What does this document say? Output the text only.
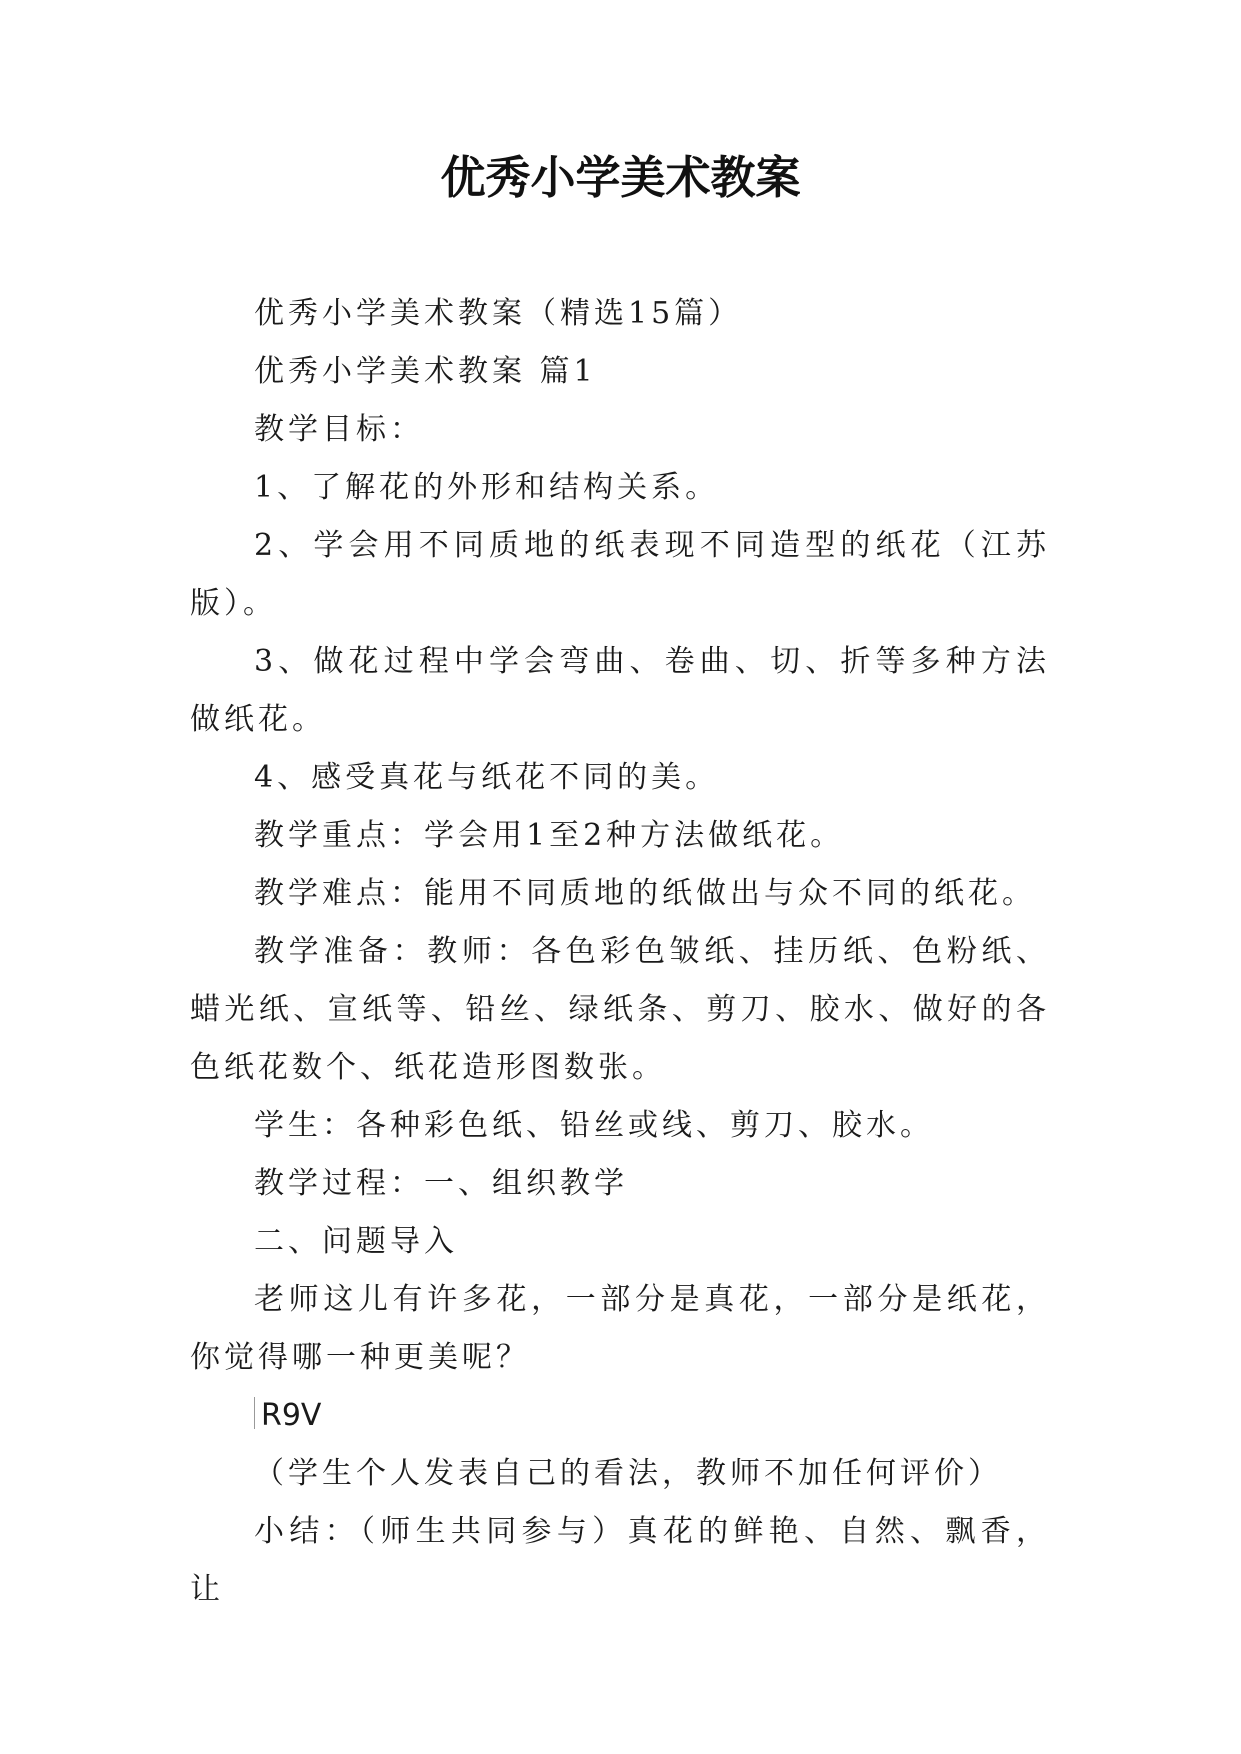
优秀小学美术教案

优秀小学美术教案（精选15篇）

优秀小学美术教案 篇1

教学目标：

1、了解花的外形和结构关系。

2、学会用不同质地的纸表现不同造型的纸花（江苏版）。

3、做花过程中学会弯曲、卷曲、切、折等多种方法做纸花。

4、感受真花与纸花不同的美。

教学重点：学会用1至2种方法做纸花。

教学难点：能用不同质地的纸做出与众不同的纸花。

教学准备：教师：各色彩色皱纸、挂历纸、色粉纸、蜡光纸、宣纸等、铅丝、绿纸条、剪刀、胶水、做好的各色纸花数个、纸花造形图数张。

学生：各种彩色纸、铅丝或线、剪刀、胶水。

教学过程：一、组织教学

二、问题导入

老师这儿有许多花，一部分是真花，一部分是纸花，你觉得哪一种更美呢？

R9V

（学生个人发表自己的看法，教师不加任何评价）

小结：（师生共同参与）真花的鲜艳、自然、飘香，让
